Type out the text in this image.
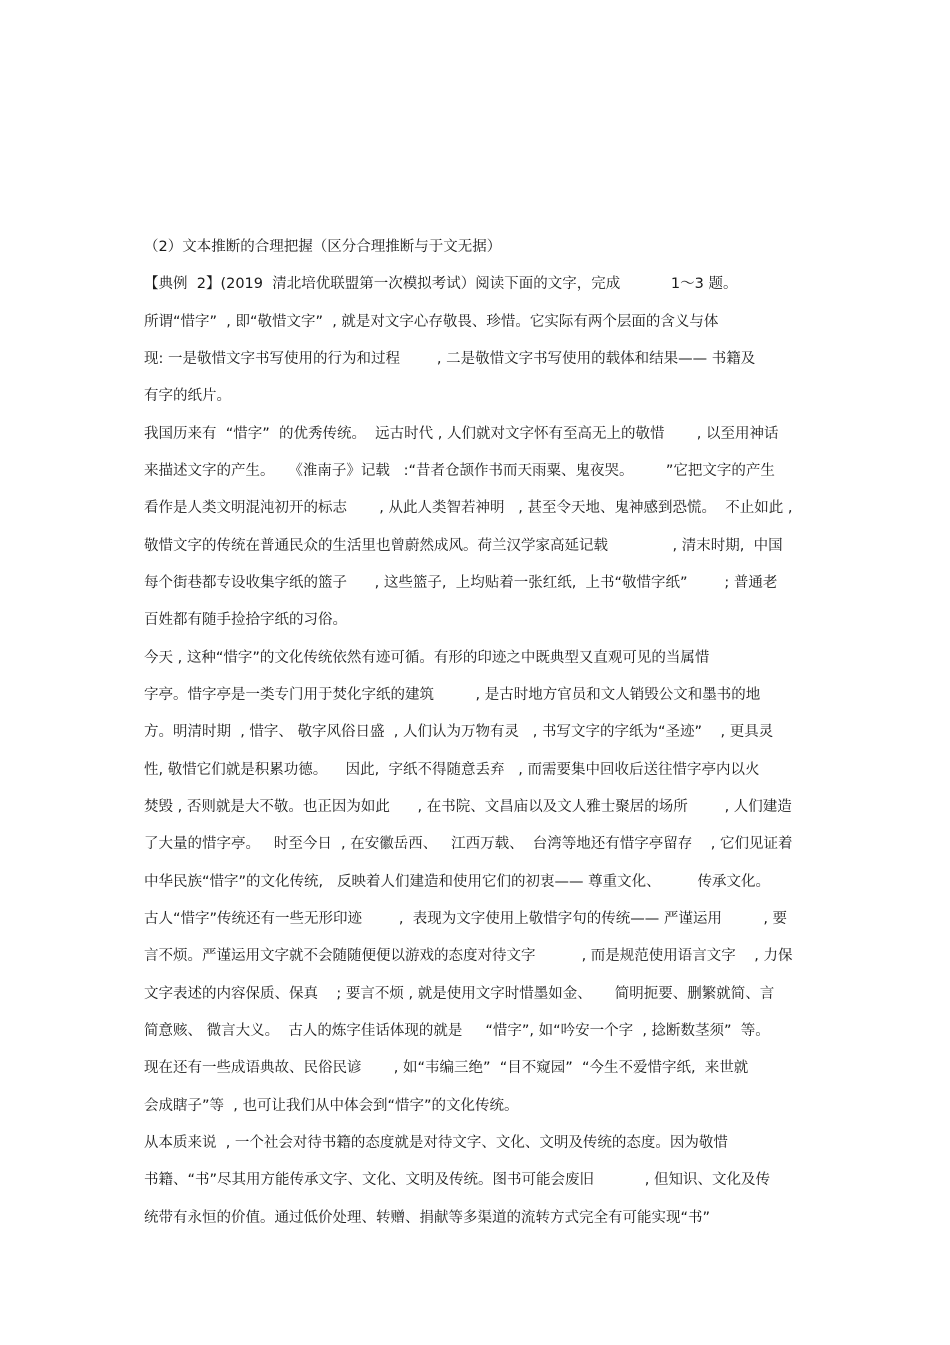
（2）文本推断的合理把握（区分合理推断与于文无据）
【典例  2】(2019  清北培优联盟第一次模拟考试）阅读下面的文字，完成           1～3 题。
所谓“惜字”  , 即“敬惜文字”  , 就是对文字心存敬畏、珍惜。它实际有两个层面的含义与体
现: 一是敬惜文字书写使用的行为和过程        , 二是敬惜文字书写使用的载体和结果—— 书籍及
有字的纸片。
我国历来有  “惜字”  的优秀传统。  远古时代 , 人们就对文字怀有至高无上的敬惜       , 以至用神话
来描述文字的产生。   《淮南子》记载   :“昔者仓颉作书而天雨粟、鬼夜哭。       ”它把文字的产生
看作是人类文明混沌初开的标志       , 从此人类智若神明   , 甚至令天地、鬼神感到恐慌。  不止如此 ,
敬惜文字的传统在普通民众的生活里也曾蔚然成风。荷兰汉学家高延记载              , 清末时期,  中国
每个街巷都专设收集字纸的篮子      , 这些篮子,  上均贴着一张红纸,  上书“敬惜字纸”        ; 普通老
百姓都有随手捡拾字纸的习俗。
今天 , 这种“惜字”的文化传统依然有迹可循。有形的印迹之中既典型又直观可见的当属惜
字亭。惜字亭是一类专门用于焚化字纸的建筑         , 是古时地方官员和文人销毁公文和墨书的地
方。明清时期  , 惜字、 敬字风俗日盛  , 人们认为万物有灵   , 书写文字的字纸为“圣迹”    , 更具灵
性, 敬惜它们就是积累功德。    因此,  字纸不得随意丢弃   , 而需要集中回收后送往惜字亭内以火
焚毁 , 否则就是大不敬。也正因为如此      , 在书院、文昌庙以及文人雅士聚居的场所        , 人们建造
了大量的惜字亭。   时至今日  , 在安徽岳西、   江西万载、  台湾等地还有惜字亭留存    , 它们见证着
中华民族“惜字”的文化传统,   反映着人们建造和使用它们的初衷—— 尊重文化、        传承文化。
古人“惜字”传统还有一些无形印迹        ,  表现为文字使用上敬惜字句的传统—— 严谨运用         , 要
言不烦。严谨运用文字就不会随随便便以游戏的态度对待文字          , 而是规范使用语言文字    , 力保
文字表述的内容保质、保真    ; 要言不烦 , 就是使用文字时惜墨如金、     简明扼要、删繁就简、言
简意赅、 微言大义。  古人的炼字佳话体现的就是     “惜字”, 如“吟安一个字  , 捻断数茎须”  等。
现在还有一些成语典故、民俗民谚       , 如“韦编三绝”  “目不窥园”  “今生不爱惜字纸,  来世就
会成瞎子”等  , 也可让我们从中体会到“惜字”的文化传统。
从本质来说  , 一个社会对待书籍的态度就是对待文字、文化、文明及传统的态度。因为敬惜
书籍、“书”尽其用方能传承文字、文化、文明及传统。图书可能会废旧           , 但知识、文化及传
统带有永恒的价值。通过低价处理、转赠、捐献等多渠道的流转方式完全有可能实现“书”
